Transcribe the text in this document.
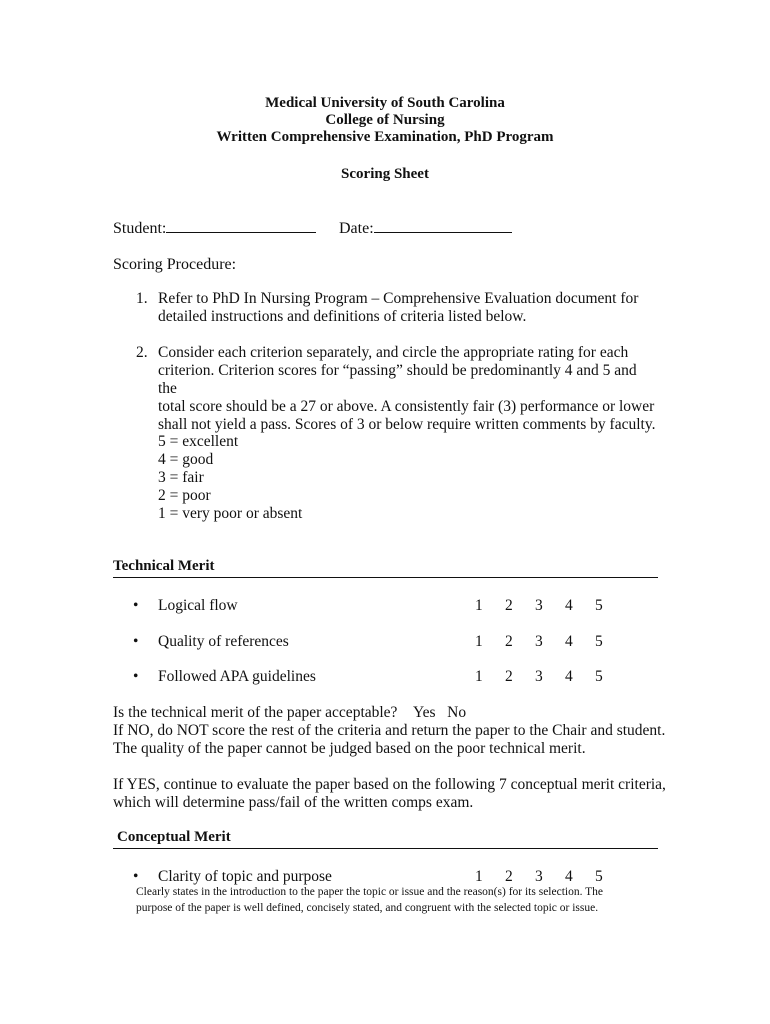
Medical University of South Carolina
College of Nursing
Written Comprehensive Examination, PhD Program
Scoring Sheet
Student:	Date:
Scoring Procedure:
1. Refer to PhD In Nursing Program – Comprehensive Evaluation document for
detailed instructions and definitions of criteria listed below.
2. Consider each criterion separately, and circle the appropriate rating for each
criterion. Criterion scores for “passing” should be predominantly 4 and 5 and the
total score should be a 27 or above. A consistently fair (3) performance or lower
shall not yield a pass. Scores of 3 or below require written comments by faculty.
5 = excellent
4 = good
3 = fair
2 = poor
1 = very poor or absent
Technical Merit
• Logical flow	1 2 3 4 5
• Quality of references	1 2 3 4 5
• Followed APA guidelines	1 2 3 4 5
Is the technical merit of the paper acceptable? Yes No
If NO, do NOT score the rest of the criteria and return the paper to the Chair and student.
The quality of the paper cannot be judged based on the poor technical merit.
If YES, continue to evaluate the paper based on the following 7 conceptual merit criteria,
which will determine pass/fail of the written comps exam.
Conceptual Merit
• Clarity of topic and purpose	1 2 3 4 5
Clearly states in the introduction to the paper the topic or issue and the reason(s) for its selection. The
purpose of the paper is well defined, concisely stated, and congruent with the selected topic or issue.
